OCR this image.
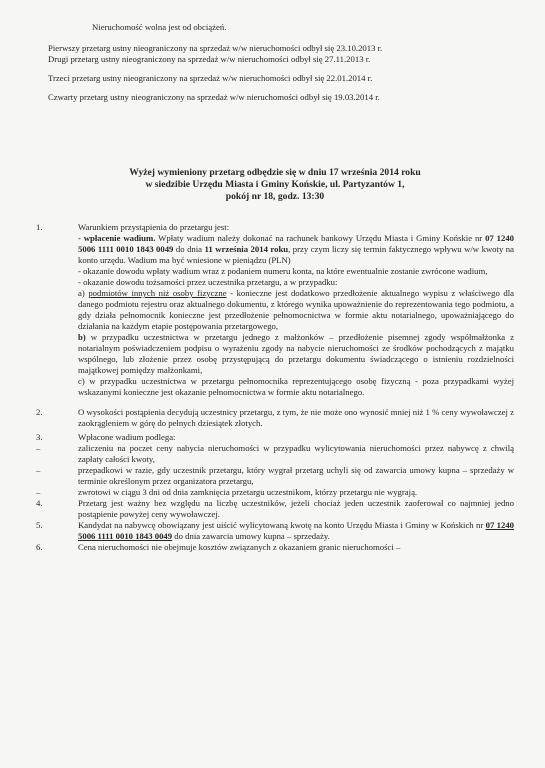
Nieruchomość wolna jest od obciążeń.

Pierwszy przetarg ustny nieograniczony na sprzedaż w/w nieruchomości odbył się 23.10.2013 r.

Drugi przetarg ustny nieograniczony na sprzedaż w/w nieruchomości odbył się 27.11.2013 r.

Trzeci przetarg ustny nieograniczony na sprzedaż w/w nieruchomości odbył się 22.01.2014 r.

Czwarty przetarg ustny nieograniczony na sprzedaż w/w nieruchomości odbył się 19.03.2014 r.

Wyżej wymieniony przetarg odbędzie się w dniu 17 września 2014 roku

w siedzibie Urzędu Miasta i Gminy Końskie, ul. Partyzantów 1,

pokój nr 18, godz. 13:30

1.	Warunkiem przystąpienia do przetargu jest:

- wpłacenie wadium. Wpłaty wadium należy dokonać na rachunek bankowy Urzędu Miasta i Gminy Końskie nr 07 1240 5006 1111 0010 1843 0049 do dnia 11 września 2014 roku, przy czym liczy się termin faktycznego wpływu w/w kwoty na konto urzędu. Wadium ma być wniesione w pieniądzu (PLN)

- okazanie dowodu wpłaty wadium wraz z podaniem numeru konta, na które ewentualnie zostanie zwrócone wadium,

- okazanie dowodu tożsamości przez uczestnika przetargu, a w przypadku:

a) podmiotów innych niż osoby fizyczne - konieczne jest dodatkowo przedłożenie aktualnego wypisu z właściwego dla danego podmiotu rejestru oraz aktualnego dokumentu, z którego wynika upoważnienie do reprezentowania tego podmiotu, a gdy działa pełnomocnik konieczne jest przedłożenie pełnomocnictwa w formie aktu notarialnego, upoważniającego do działania na każdym etapie postępowania przetargowego,

b) w przypadku uczestnictwa w przetargu jednego z małżonków – przedłożenie pisemnej zgody współmałżonka z notarialnym poświadczeniem podpisu o wyrażeniu zgody na nabycie nieruchomości ze środków pochodzących z majątku wspólnego, lub złożenie przez osobę przystępującą do przetargu dokumentu świadczącego o istnieniu rozdzielności majątkowej pomiędzy małżonkami,

c) w przypadku uczestnictwa w przetargu pełnomocnika reprezentującego osobę fizyczną - poza przypadkami wyżej wskazanymi konieczne jest okazanie pełnomocnictwa w formie aktu notarialnego.

2.	O wysokości postąpienia decydują uczestnicy przetargu, z tym, że nie może ono wynosić mniej niż 1 % ceny wywoławczej z zaokrągleniem w górę do pełnych dziesiątek złotych.
3.	Wpłacone wadium podlega:
–	zaliczeniu na poczet ceny nabycia nieruchomości w przypadku wylicytowania nieruchomości przez nabywcę z chwilą zapłaty całości kwoty,
–	przepadkowi w razie, gdy uczestnik przetargu, który wygrał przetarg uchyli się od zawarcia umowy kupna – sprzedaży w terminie określonym przez organizatora przetargu,
–	zwrotowi w ciągu 3 dni od dnia zamknięcia przetargu uczestnikom, którzy przetargu nie wygrają.
4.	Przetarg jest ważny bez względu na liczbę uczestników, jeżeli chociaż jeden uczestnik zaoferował co najmniej jedno postąpienie powyżej ceny wywoławczej.
5.	Kandydat na nabywcę obowiązany jest uiścić wylicytowaną kwotę na konto Urzędu Miasta i Gminy w Końskich nr 07 1240 5006 1111 0010 1843 0049 do dnia zawarcia umowy kupna – sprzedaży.
6.	Cena nieruchomości nie obejmuje kosztów związanych z okazaniem granic nieruchomości –
